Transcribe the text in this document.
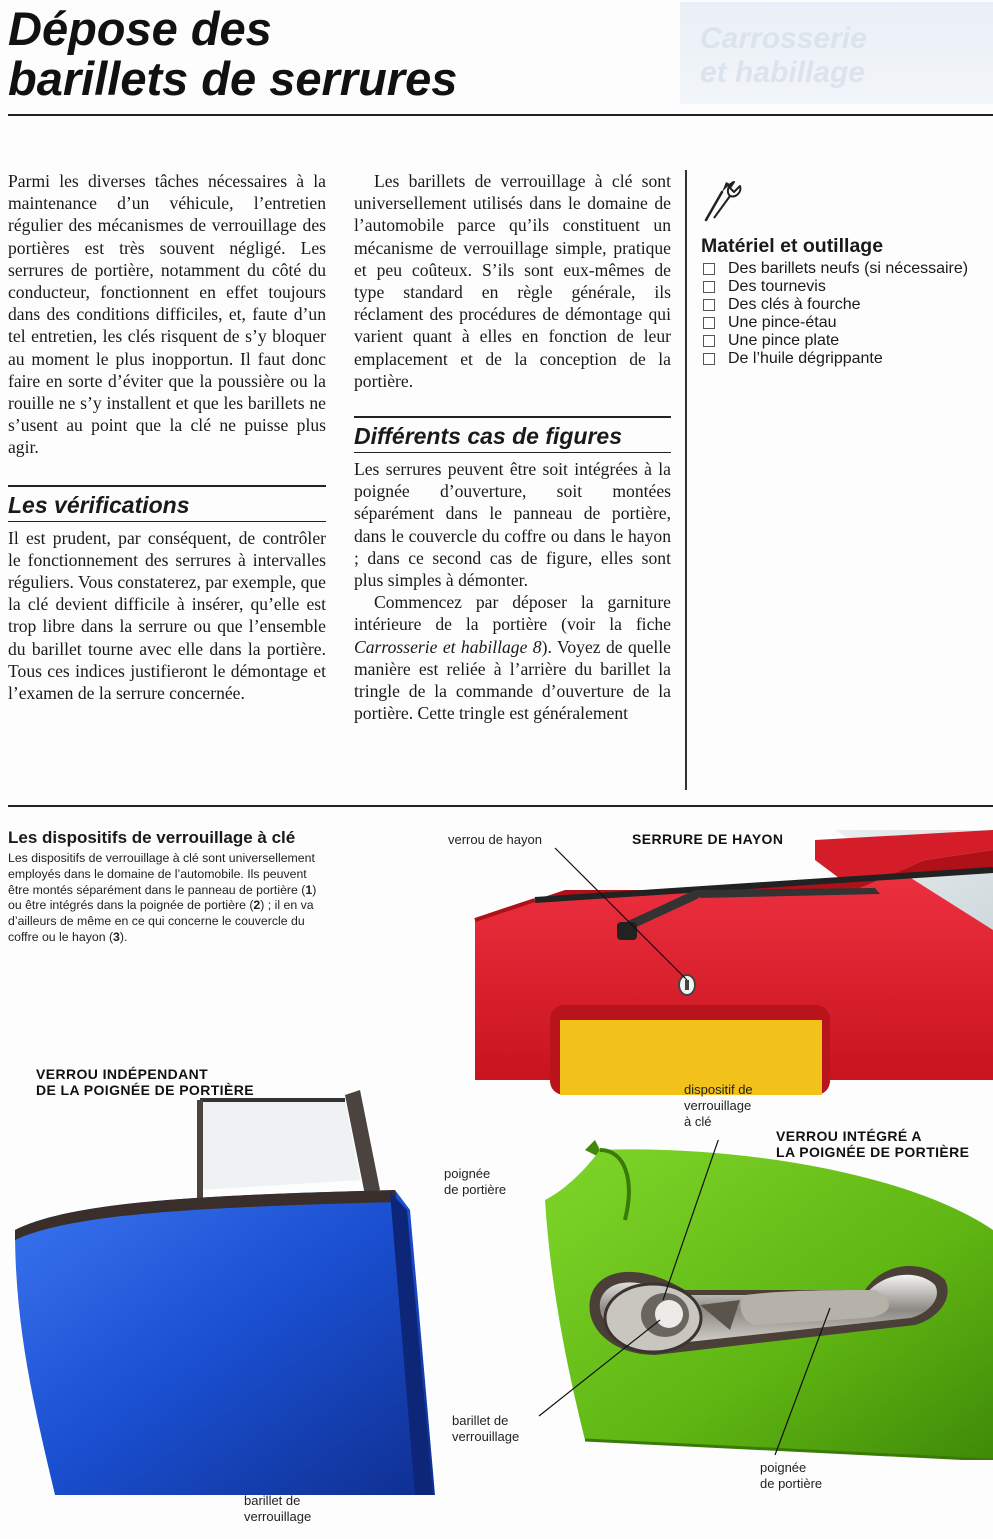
Carrosserie
et habillage
Dépose des
barillets de serrures

Parmi les diverses tâches nécessaires à la maintenance d’un véhicule, l’entretien régulier des mécanismes de verrouillage des portières est très souvent négligé. Les serrures de portière, notamment du côté du conducteur, fonctionnent en effet toujours dans des conditions difficiles, et, faute d’un tel entretien, les clés risquent de s’y bloquer au moment le plus inopportun. Il faut donc faire en sorte d’éviter que la poussière ou la rouille ne s’y installent et que les barillets ne s’usent au point que la clé ne puisse plus agir.

Les vérifications

Il est prudent, par conséquent, de contrôler le fonctionnement des serrures à intervalles réguliers. Vous constaterez, par exemple, que la clé devient difficile à insérer, qu’elle est trop libre dans la serrure ou que l’ensemble du barillet tourne avec elle dans la portière. Tous ces indices justifieront le démontage et l’examen de la serrure concernée.

Les barillets de verrouillage à clé sont universellement utilisés dans le domaine de l’automobile parce qu’ils constituent un mécanisme de verrouillage simple, pratique et peu coûteux. S’ils sont eux-mêmes de type standard en règle générale, ils réclament des procédures de démontage qui varient quant à elles en fonction de leur emplacement et de la conception de la portière.

Différents cas de figures

Les serrures peuvent être soit intégrées à la poignée d’ouverture, soit montées séparément dans le panneau de portière, dans le couvercle du coffre ou dans le hayon ; dans ce second cas de figure, elles sont plus simples à démonter.

Commencez par déposer la garniture intérieure de la portière (voir la fiche Carrosserie et habillage 8). Voyez de quelle manière est reliée à l’arrière du barillet la tringle de la commande d’ouverture de la portière. Cette tringle est généralement

Matériel et outillage
Des barillets neufs (si nécessaire)
Des tournevis
Des clés à fourche
Une pince-étau
Une pince plate
De l’huile dégrippante
Les dispositifs de verrouillage à clé
Les dispositifs de verrouillage à clé sont universellement employés dans le domaine de l’automobile. Ils peuvent être montés séparément dans le panneau de portière (1) ou être intégrés dans la poignée de portière (2) ; il en va d’ailleurs de même en ce qui concerne le couvercle du coffre ou le hayon (3).
verrou de hayon	SERRURE DE HAYON
VERROU INDÉPENDANT
DE LA POIGNÉE DE PORTIÈRE
poignée
de portière
barillet de
verrouillage
dispositif de
verrouillage
à clé
VERROU INTÉGRÉ A
LA POIGNÉE DE PORTIÈRE
barillet de
verrouillage
poignée
de portière
